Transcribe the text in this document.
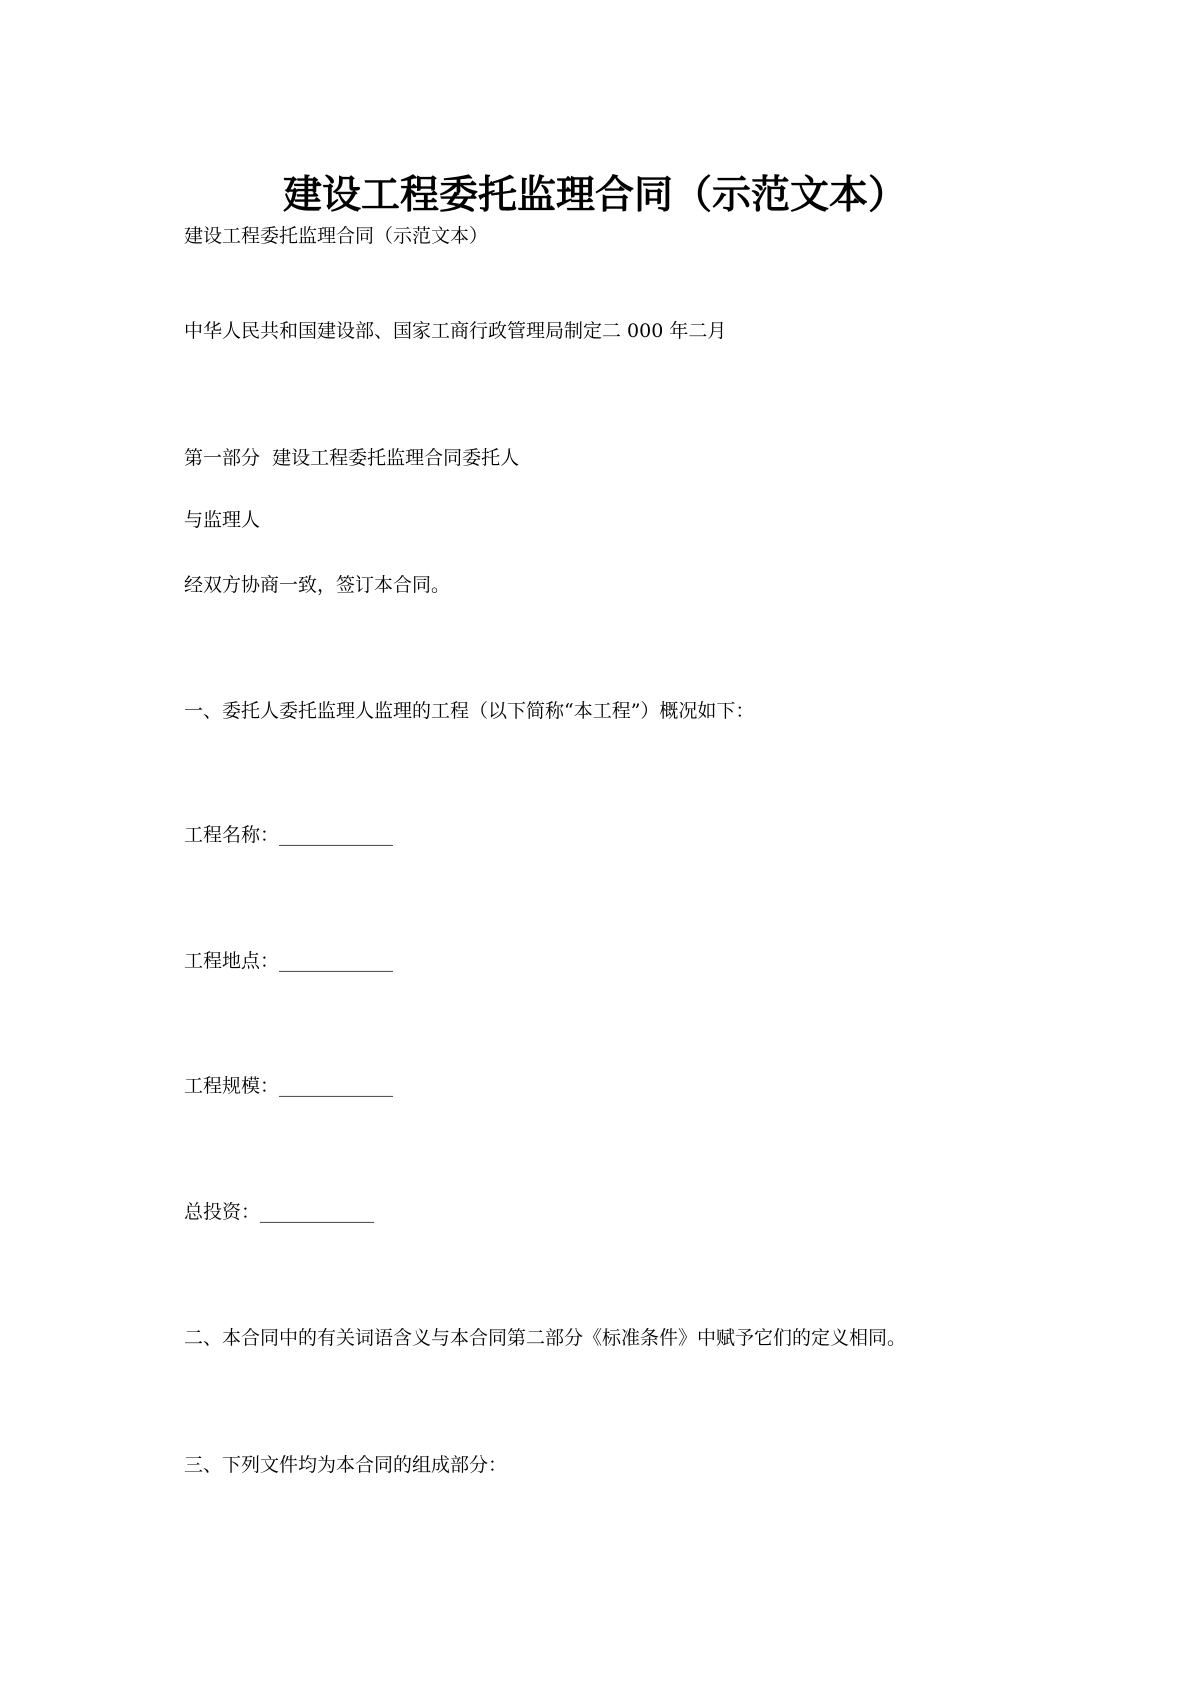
建设工程委托监理合同（示范文本）

建设工程委托监理合同（示范文本）

中华人民共和国建设部、国家工商行政管理局制定二 000 年二月

第一部分  建设工程委托监理合同委托人

与监理人

经双方协商一致，签订本合同。

一、委托人委托监理人监理的工程（以下简称“本工程”）概况如下：

工程名称：____________

工程地点：____________

工程规模：____________

总投资：____________

二、本合同中的有关词语含义与本合同第二部分《标准条件》中赋予它们的定义相同。

三、下列文件均为本合同的组成部分：
